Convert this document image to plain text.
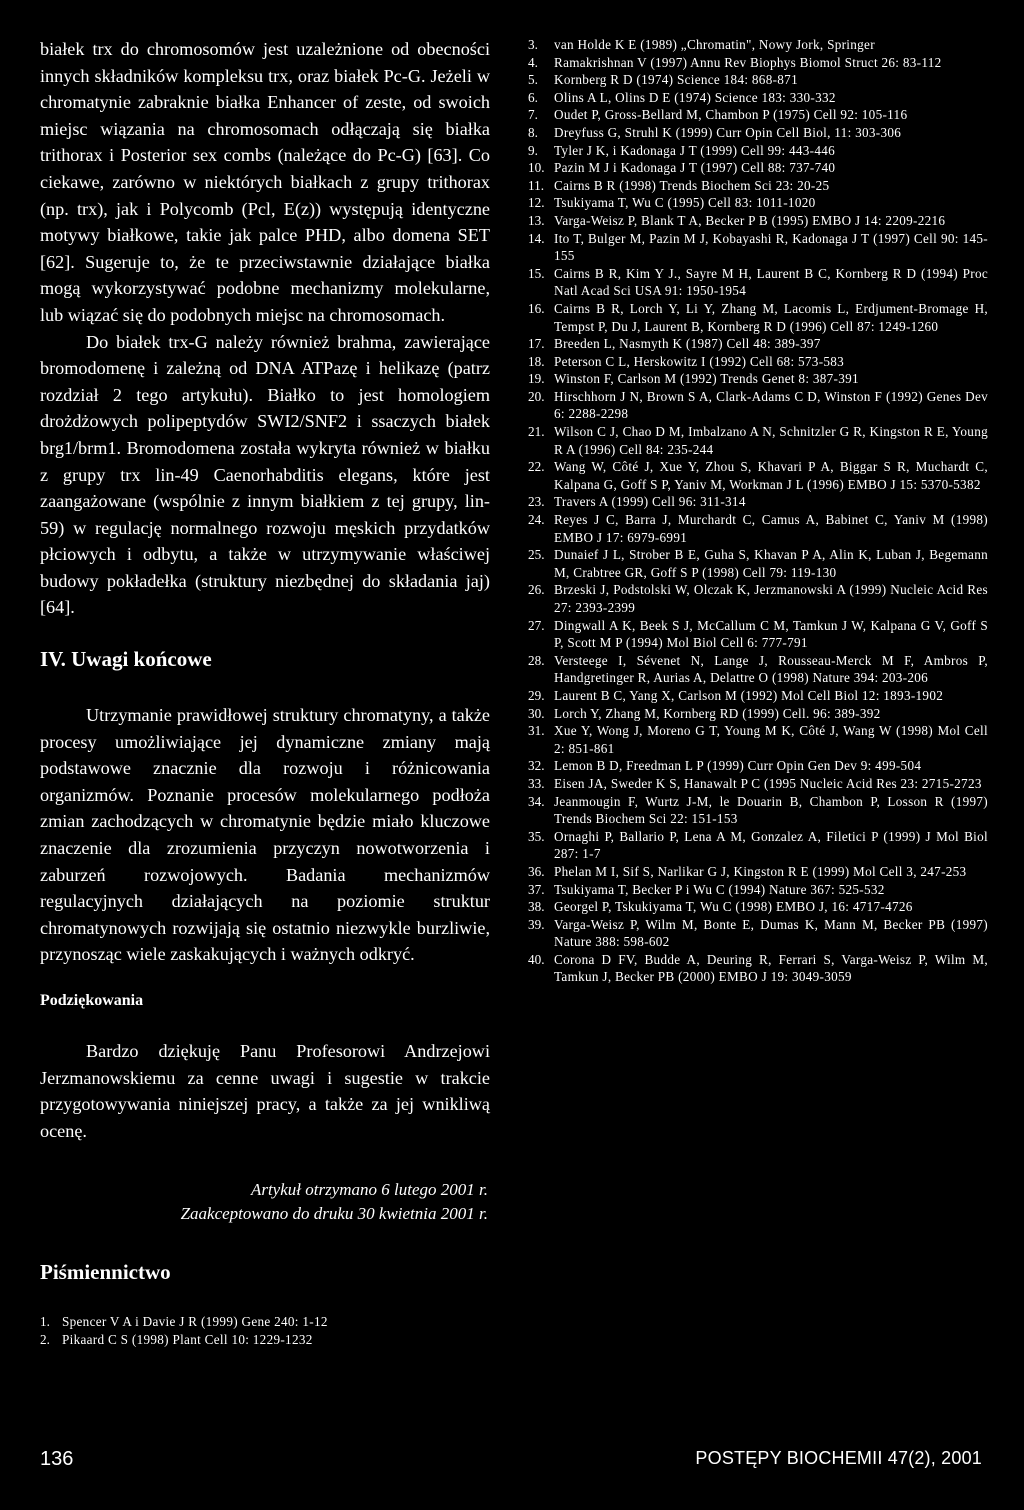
białek trx do chromosomów jest uzależnione od obecności innych składników kompleksu trx, oraz białek Pc-G. Jeżeli w chromatynie zabraknie białka Enhancer of zeste, od swoich miejsc wiązania na chromosomach odłączają się białka trithorax i Posterior sex combs (należące do Pc-G) [63]. Co ciekawe, zarówno w niektórych białkach z grupy trithorax (np. trx), jak i Polycomb (Pcl, E(z)) występują identyczne motywy białkowe, takie jak palce PHD, albo domena SET [62]. Sugeruje to, że te przeciwstawnie działające białka mogą wykorzystywać podobne mechanizmy molekularne, lub wiązać się do podobnych miejsc na chromosomach.

Do białek trx-G należy również brahma, zawierające bromodomenę i zależną od DNA ATPazę i helikazę (patrz rozdział 2 tego artykułu). Białko to jest homologiem drożdżowych polipeptydów SWI2/SNF2 i ssaczych białek brg1/brm1. Bromodomena została wykryta również w białku z grupy trx lin-49 Caenorhabditis elegans, które jest zaangażowane (wspólnie z innym białkiem z tej grupy, lin-59) w regulację normalnego rozwoju męskich przydatków płciowych i odbytu, a także w utrzymywanie właściwej budowy pokładełka (struktury niezbędnej do składania jaj) [64].

IV. Uwagi końcowe

Utrzymanie prawidłowej struktury chromatyny, a także procesy umożliwiające jej dynamiczne zmiany mają podstawowe znacznie dla rozwoju i różnicowania organizmów. Poznanie procesów molekularnego podłoża zmian zachodzących w chromatynie będzie miało kluczowe znaczenie dla zrozumienia przyczyn nowotworzenia i zaburzeń rozwojowych. Badania mechanizmów regulacyjnych działających na poziomie struktur chromatynowych rozwijają się ostatnio niezwykle burzliwie, przynosząc wiele zaskakujących i ważnych odkryć.

Podziękowania

Bardzo dziękuję Panu Profesorowi Andrzejowi Jerzmanowskiemu za cenne uwagi i sugestie w trakcie przygotowywania niniejszej pracy, a także za jej wnikliwą ocenę.

Artykuł otrzymano 6 lutego 2001 r.
Zaakceptowano do druku 30 kwietnia 2001 r.
Piśmiennictwo
1. Spencer V A i Davie J R (1999) Gene 240: 1-12
2. Pikaard C S (1998) Plant Cell 10: 1229-1232
3.	van Holde K E (1989) „Chromatin", Nowy Jork, Springer
4.	Ramakrishnan V (1997) Annu Rev Biophys Biomol Struct 26: 83-112
5.	Kornberg R D (1974) Science 184: 868-871
6.	Olins A L, Olins D E (1974) Science 183: 330-332
7.	Oudet P, Gross-Bellard M, Chambon P (1975) Cell 92: 105-116
8.	Dreyfuss G, Struhl K (1999) Curr Opin Cell Biol, 11: 303-306
9.	Tyler J K, i Kadonaga J T (1999) Cell 99: 443-446
10. Pazin M J i Kadonaga J T (1997) Cell 88: 737-740
11. Cairns B R (1998) Trends Biochem Sci 23: 20-25
12. Tsukiyama T, Wu C (1995) Cell 83: 1011-1020
13. Varga-Weisz P, Blank T A, Becker P B (1995) EMBO J 14: 2209-2216
14. Ito T, Bulger M, Pazin M J, Kobayashi R, Kadonaga J T (1997) Cell 90: 145-155
15. Cairns B R, Kim Y J., Sayre M H, Laurent B C, Kornberg R D (1994) Proc Natl Acad Sci USA 91: 1950-1954
16. Cairns B R, Lorch Y, Li Y, Zhang M, Lacomis L, Erdjument-Bromage H, Tempst P, Du J, Laurent B, Kornberg R D (1996) Cell 87: 1249-1260
17. Breeden L, Nasmyth K (1987) Cell 48: 389-397
18. Peterson C L, Herskowitz I (1992) Cell 68: 573-583
19. Winston F, Carlson M (1992) Trends Genet 8: 387-391
20. Hirschhorn J N, Brown S A, Clark-Adams C D, Winston F (1992) Genes Dev 6: 2288-2298
21. Wilson C J, Chao D M, Imbalzano A N, Schnitzler G R, Kingston R E, Young R A (1996) Cell 84: 235-244
22. Wang W, Côté J, Xue Y, Zhou S, Khavari P A, Biggar S R, Muchardt C, Kalpana G, Goff S P, Yaniv M, Workman J L (1996) EMBO J 15: 5370-5382
23. Travers A (1999) Cell 96: 311-314
24. Reyes J C, Barra J, Murchardt C, Camus A, Babinet C, Yaniv M (1998) EMBO J 17: 6979-6991
25. Dunaief J L, Strober B E, Guha S, Khavan P A, Alin K, Luban J, Begemann M, Crabtree GR, Goff S P (1998) Cell 79: 119-130
26. Brzeski J, Podstolski W, Olczak K, Jerzmanowski A (1999) Nucleic Acid Res 27: 2393-2399
27. Dingwall A K, Beek S J, McCallum C M, Tamkun J W, Kalpana G V, Goff S P, Scott M P (1994) Mol Biol Cell 6: 777-791
28. Versteege I, Sévenet N, Lange J, Rousseau-Merck M F, Ambros P, Handgretinger R, Aurias A, Delattre O (1998) Nature 394: 203-206
29. Laurent B C, Yang X, Carlson M (1992) Mol Cell Biol 12: 1893-1902
30. Lorch Y, Zhang M, Kornberg RD (1999) Cell. 96: 389-392
31. Xue Y, Wong J, Moreno G T, Young M K, Côté J, Wang W (1998) Mol Cell 2: 851-861
32. Lemon B D, Freedman L P (1999) Curr Opin Gen Dev 9: 499-504
33. Eisen JA, Sweder K S, Hanawalt P C (1995 Nucleic Acid Res 23: 2715-2723
34. Jeanmougin F, Wurtz J-M, le Douarin B, Chambon P, Losson R (1997) Trends Biochem Sci 22: 151-153
35. Ornaghi P, Ballario P, Lena A M, Gonzalez A, Filetici P (1999) J Mol Biol 287: 1-7
36. Phelan M I, Sif S, Narlikar G J, Kingston R E (1999) Mol Cell 3, 247-253
37. Tsukiyama T, Becker P i Wu C (1994) Nature 367: 525-532
38. Georgel P, Tskukiyama T, Wu C (1998) EMBO J, 16: 4717-4726
39. Varga-Weisz P, Wilm M, Bonte E, Dumas K, Mann M, Becker PB (1997) Nature 388: 598-602
40. Corona D FV, Budde A, Deuring R, Ferrari S, Varga-Weisz P, Wilm M, Tamkun J, Becker PB (2000) EMBO J 19: 3049-3059
136	POSTĘPY BIOCHEMII 47(2), 2001
